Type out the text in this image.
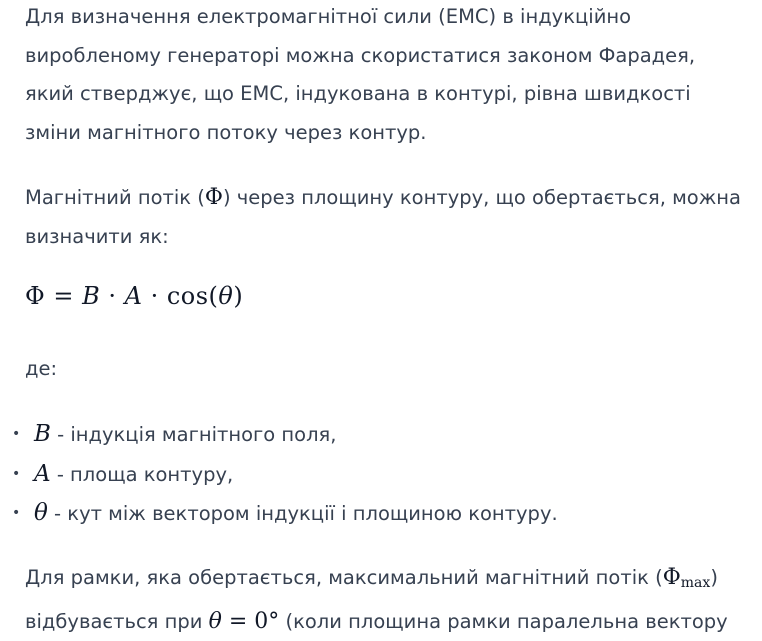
Для визначення електромагнітної сили (ЕМС) в індукційно виробленому генераторі можна скористатися законом Фарадея, який стверджує, що ЕМС, індукована в контурі, рівна швидкості зміни магнітного потоку через контур.

Магнітний потік (Φ) через площину контуру, що обертається, можна визначити як:

Φ = B · A · cos(θ)

де:

• B - індукція магнітного поля,
• A - площа контуру,
• θ - кут між вектором індукції і площиною контуру.

Для рамки, яка обертається, максимальний магнітний потік $(\Phi_{max})$
відбувається при θ = 0° (коли площина рамки паралельна вектору
